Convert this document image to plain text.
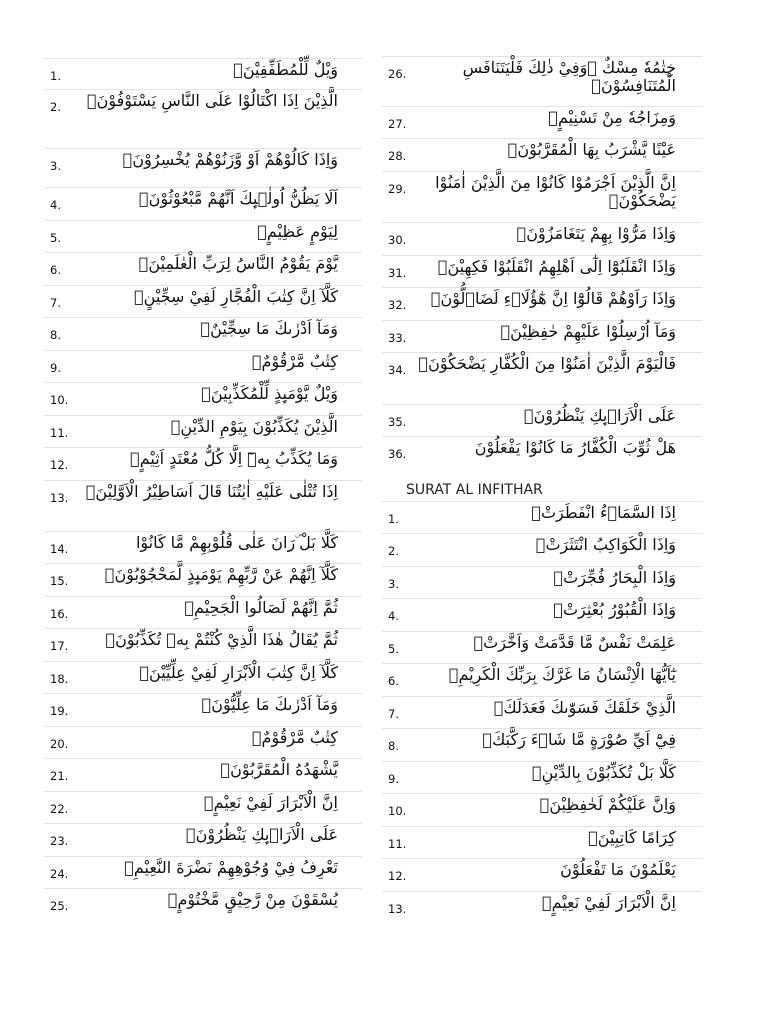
1.	وَيْلٌ لِّلْمُطَفِّفِيْنَۙ
2.	الَّذِيْنَ اِذَا اكْتَالُوْا عَلَى النَّاسِ يَسْتَوْفُوْنَۖ
3.	وَاِذَا كَالُوْهُمْ اَوْ وَّزَنُوْهُمْ يُخْسِرُوْنَۗ
4.	اَلَا يَظُنُّ اُولٰۤىِٕكَ اَنَّهُمْ مَّبْعُوْثُوْنَۙ
5.	لِيَوْمٍ عَظِيْمٍۙ
6.	يَّوْمَ يَقُوْمُ النَّاسُ لِرَبِّ الْعٰلَمِيْنَۗ
7.	كَلَّآ اِنَّ كِتٰبَ الْفُجَّارِ لَفِيْ سِجِّيْنٍۗ
8.	وَمَآ اَدْرٰىكَ مَا سِجِّيْنٌۗ
9.	كِتٰبٌ مَّرْقُوْمٌۗ
10.	وَيْلٌ يَّوْمَىِٕذٍ لِّلْمُكَذِّبِيْنَۙ
11.	الَّذِيْنَ يُكَذِّبُوْنَ بِيَوْمِ الدِّيْنِۗ
12.	وَمَا يُكَذِّبُ بِهٖٓ اِلَّا كُلُّ مُعْتَدٍ اَثِيْمٍۙ
13.	اِذَا تُتْلٰى عَلَيْهِ اٰيٰتُنَا قَالَ اَسَاطِيْرُ الْاَوَّلِيْنَۗ
14.	كَلَّا بَلْ ۜرَانَ عَلٰى قُلُوْبِهِمْ مَّا كَانُوْا
15.	كَلَّآ اِنَّهُمْ عَنْ رَّبِّهِمْ يَوْمَىِٕذٍ لَّمَحْجُوْبُوْنَۗ
16.	ثُمَّ اِنَّهُمْ لَصَالُوا الْجَحِيْمِۗ
17.	ثُمَّ يُقَالُ هٰذَا الَّذِيْ كُنْتُمْ بِهٖ تُكَذِّبُوْنَۗ
18.	كَلَّآ اِنَّ كِتٰبَ الْاَبْرَارِ لَفِيْ عِلِّيِّيْنَۗ
19.	وَمَآ اَدْرٰىكَ مَا عِلِّيُّوْنَۗ
20.	كِتٰبٌ مَّرْقُوْمٌۙ
21.	يَّشْهَدُهُ الْمُقَرَّبُوْنَۗ
22.	اِنَّ الْاَبْرَارَ لَفِيْ نَعِيْمٍۙ
23.	عَلَى الْاَرَاۤىِٕكِ يَنْظُرُوْنَۙ
24.	تَعْرِفُ فِيْ وُجُوْهِهِمْ نَضْرَةَ النَّعِيْمِۚ
25.	يُسْقَوْنَ مِنْ رَّحِيْقٍ مَّخْتُوْمٍۙ
26.	خِتٰمُهٗ مِسْكٌ ۗوَفِيْ ذٰلِكَ فَلْيَتَنَافَسِ الْمُتَنَافِسُوْنَۗ
27.	وَمِزَاجُهٗ مِنْ تَسْنِيْمٍۙ
28.	عَيْنًا يَّشْرَبُ بِهَا الْمُقَرَّبُوْنَۗ
29.	اِنَّ الَّذِيْنَ اَجْرَمُوْا كَانُوْا مِنَ الَّذِيْنَ اٰمَنُوْا يَضْحَكُوْنَۖ
30.	وَاِذَا مَرُّوْا بِهِمْ يَتَغَامَزُوْنَۖ
31.	وَاِذَا انْقَلَبُوْٓا اِلٰٓى اَهْلِهِمُ انْقَلَبُوْا فَكِهِيْنَۖ
32.	وَاِذَا رَاَوْهُمْ قَالُوْٓا اِنَّ هٰٓؤُلَاۤءِ لَضَاۤلُّوْنَۙ
33.	وَمَآ اُرْسِلُوْا عَلَيْهِمْ حٰفِظِيْنَۗ
34. فَالْيَوْمَ الَّذِيْنَ اٰمَنُوْا مِنَ الْكُفَّارِ يَضْحَكُوْنَۙ
35.	عَلَى الْاَرَاۤىِٕكِ يَنْظُرُوْنَۗ
36.	هَلْ ثُوِّبَ الْكُفَّارُ مَا كَانُوْا يَفْعَلُوْنَ
SURAT AL INFITHAR
1.	اِذَا السَّمَاۤءُ انْفَطَرَتْۙ
2.	وَاِذَا الْكَوَاكِبُ انْتَثَرَتْۙ
3.	وَاِذَا الْبِحَارُ فُجِّرَتْۙ
4.	وَاِذَا الْقُبُوْرُ بُعْثِرَتْۙ
5.	عَلِمَتْ نَفْسٌ مَّا قَدَّمَتْ وَاَخَّرَتْۗ
6.	يٰٓاَيُّهَا الْاِنْسَانُ مَا غَرَّكَ بِرَبِّكَ الْكَرِيْمِۙ
7.	الَّذِيْ خَلَقَكَ فَسَوّٰىكَ فَعَدَلَكَۙ
8.	فِيْٓ اَيِّ صُوْرَةٍ مَّا شَاۤءَ رَكَّبَكَۗ
9.	كَلَّا بَلْ تُكَذِّبُوْنَ بِالدِّيْنِۙ
10.	وَاِنَّ عَلَيْكُمْ لَحٰفِظِيْنَۙ
11.	كِرَامًا كَاتِبِيْنَۙ
12.	يَعْلَمُوْنَ مَا تَفْعَلُوْنَ
13.	اِنَّ الْاَبْرَارَ لَفِيْ نَعِيْمٍۙ
